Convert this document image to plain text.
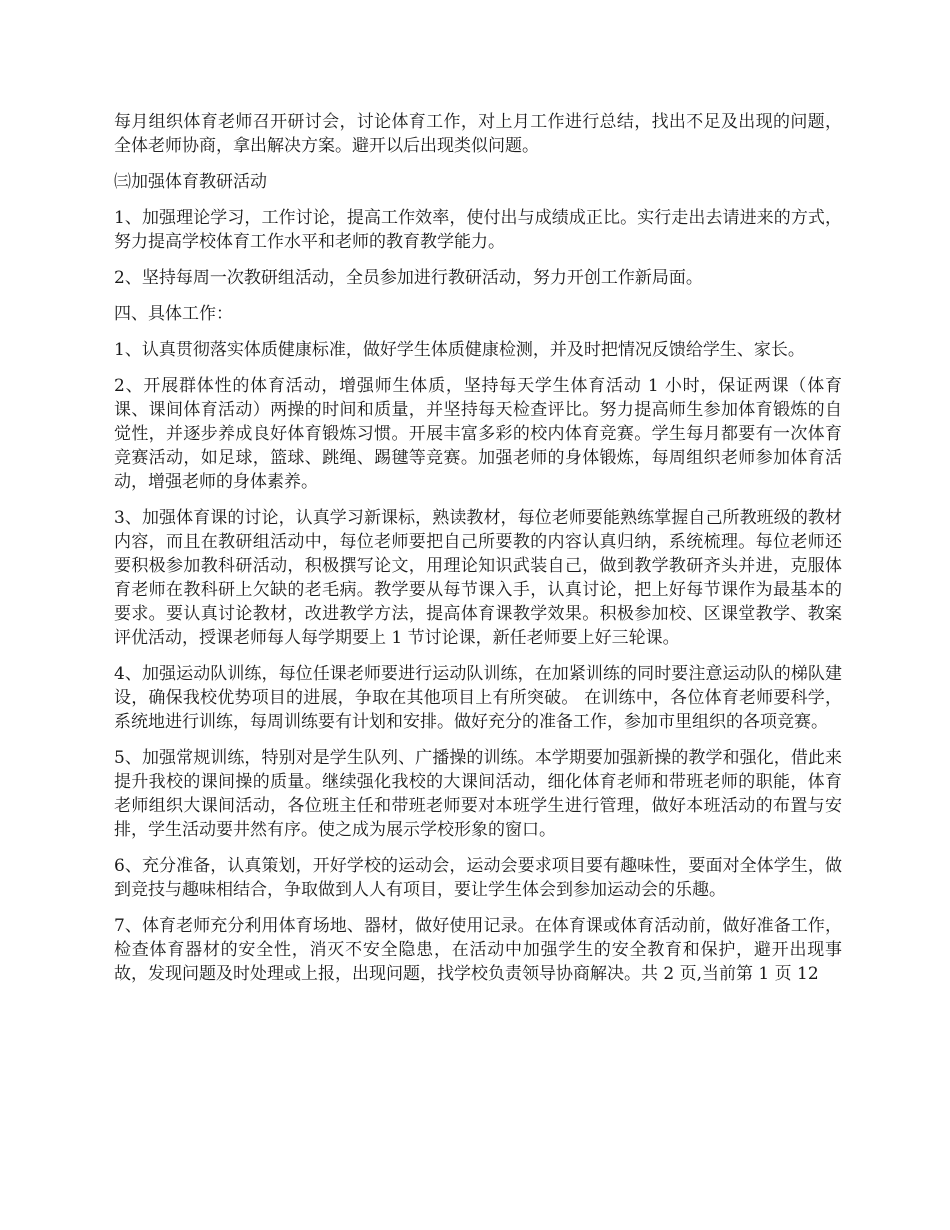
每月组织体育老师召开研讨会，讨论体育工作，对上月工作进行总结，找出不足及出现的问题，全体老师协商，拿出解决方案。避开以后出现类似问题。

㈢加强体育教研活动

1、加强理论学习，工作讨论，提高工作效率，使付出与成绩成正比。实行走出去请进来的方式，努力提高学校体育工作水平和老师的教育教学能力。

2、坚持每周一次教研组活动，全员参加进行教研活动，努力开创工作新局面。

四、具体工作：

1、认真贯彻落实体质健康标准，做好学生体质健康检测，并及时把情况反馈给学生、家长。

2、开展群体性的体育活动，增强师生体质，坚持每天学生体育活动 1 小时，保证两课（体育课、课间体育活动）两操的时间和质量，并坚持每天检查评比。努力提高师生参加体育锻炼的自觉性，并逐步养成良好体育锻炼习惯。开展丰富多彩的校内体育竞赛。学生每月都要有一次体育竞赛活动，如足球，篮球、跳绳、踢毽等竞赛。加强老师的身体锻炼，每周组织老师参加体育活动，增强老师的身体素养。

3、加强体育课的讨论，认真学习新课标，熟读教材，每位老师要能熟练掌握自己所教班级的教材内容，而且在教研组活动中，每位老师要把自己所要教的内容认真归纳，系统梳理。每位老师还要积极参加教科研活动，积极撰写论文，用理论知识武装自己，做到教学教研齐头并进，克服体育老师在教科研上欠缺的老毛病。教学要从每节课入手，认真讨论，把上好每节课作为最基本的要求。要认真讨论教材，改进教学方法，提高体育课教学效果。积极参加校、区课堂教学、教案评优活动，授课老师每人每学期要上 1 节讨论课，新任老师要上好三轮课。

4、加强运动队训练，每位任课老师要进行运动队训练，在加紧训练的同时要注意运动队的梯队建设，确保我校优势项目的进展，争取在其他项目上有所突破。 在训练中，各位体育老师要科学，系统地进行训练，每周训练要有计划和安排。做好充分的准备工作，参加市里组织的各项竞赛。

5、加强常规训练，特别对是学生队列、广播操的训练。本学期要加强新操的教学和强化，借此来提升我校的课间操的质量。继续强化我校的大课间活动，细化体育老师和带班老师的职能，体育老师组织大课间活动，各位班主任和带班老师要对本班学生进行管理，做好本班活动的布置与安排，学生活动要井然有序。使之成为展示学校形象的窗口。

6、充分准备，认真策划，开好学校的运动会，运动会要求项目要有趣味性，要面对全体学生，做到竞技与趣味相结合，争取做到人人有项目，要让学生体会到参加运动会的乐趣。

7、体育老师充分利用体育场地、器材，做好使用记录。在体育课或体育活动前，做好准备工作，检查体育器材的安全性，消灭不安全隐患，在活动中加强学生的安全教育和保护，避开出现事故，发现问题及时处理或上报，出现问题，找学校负责领导协商解决。共 2 页,当前第 1 页 12
